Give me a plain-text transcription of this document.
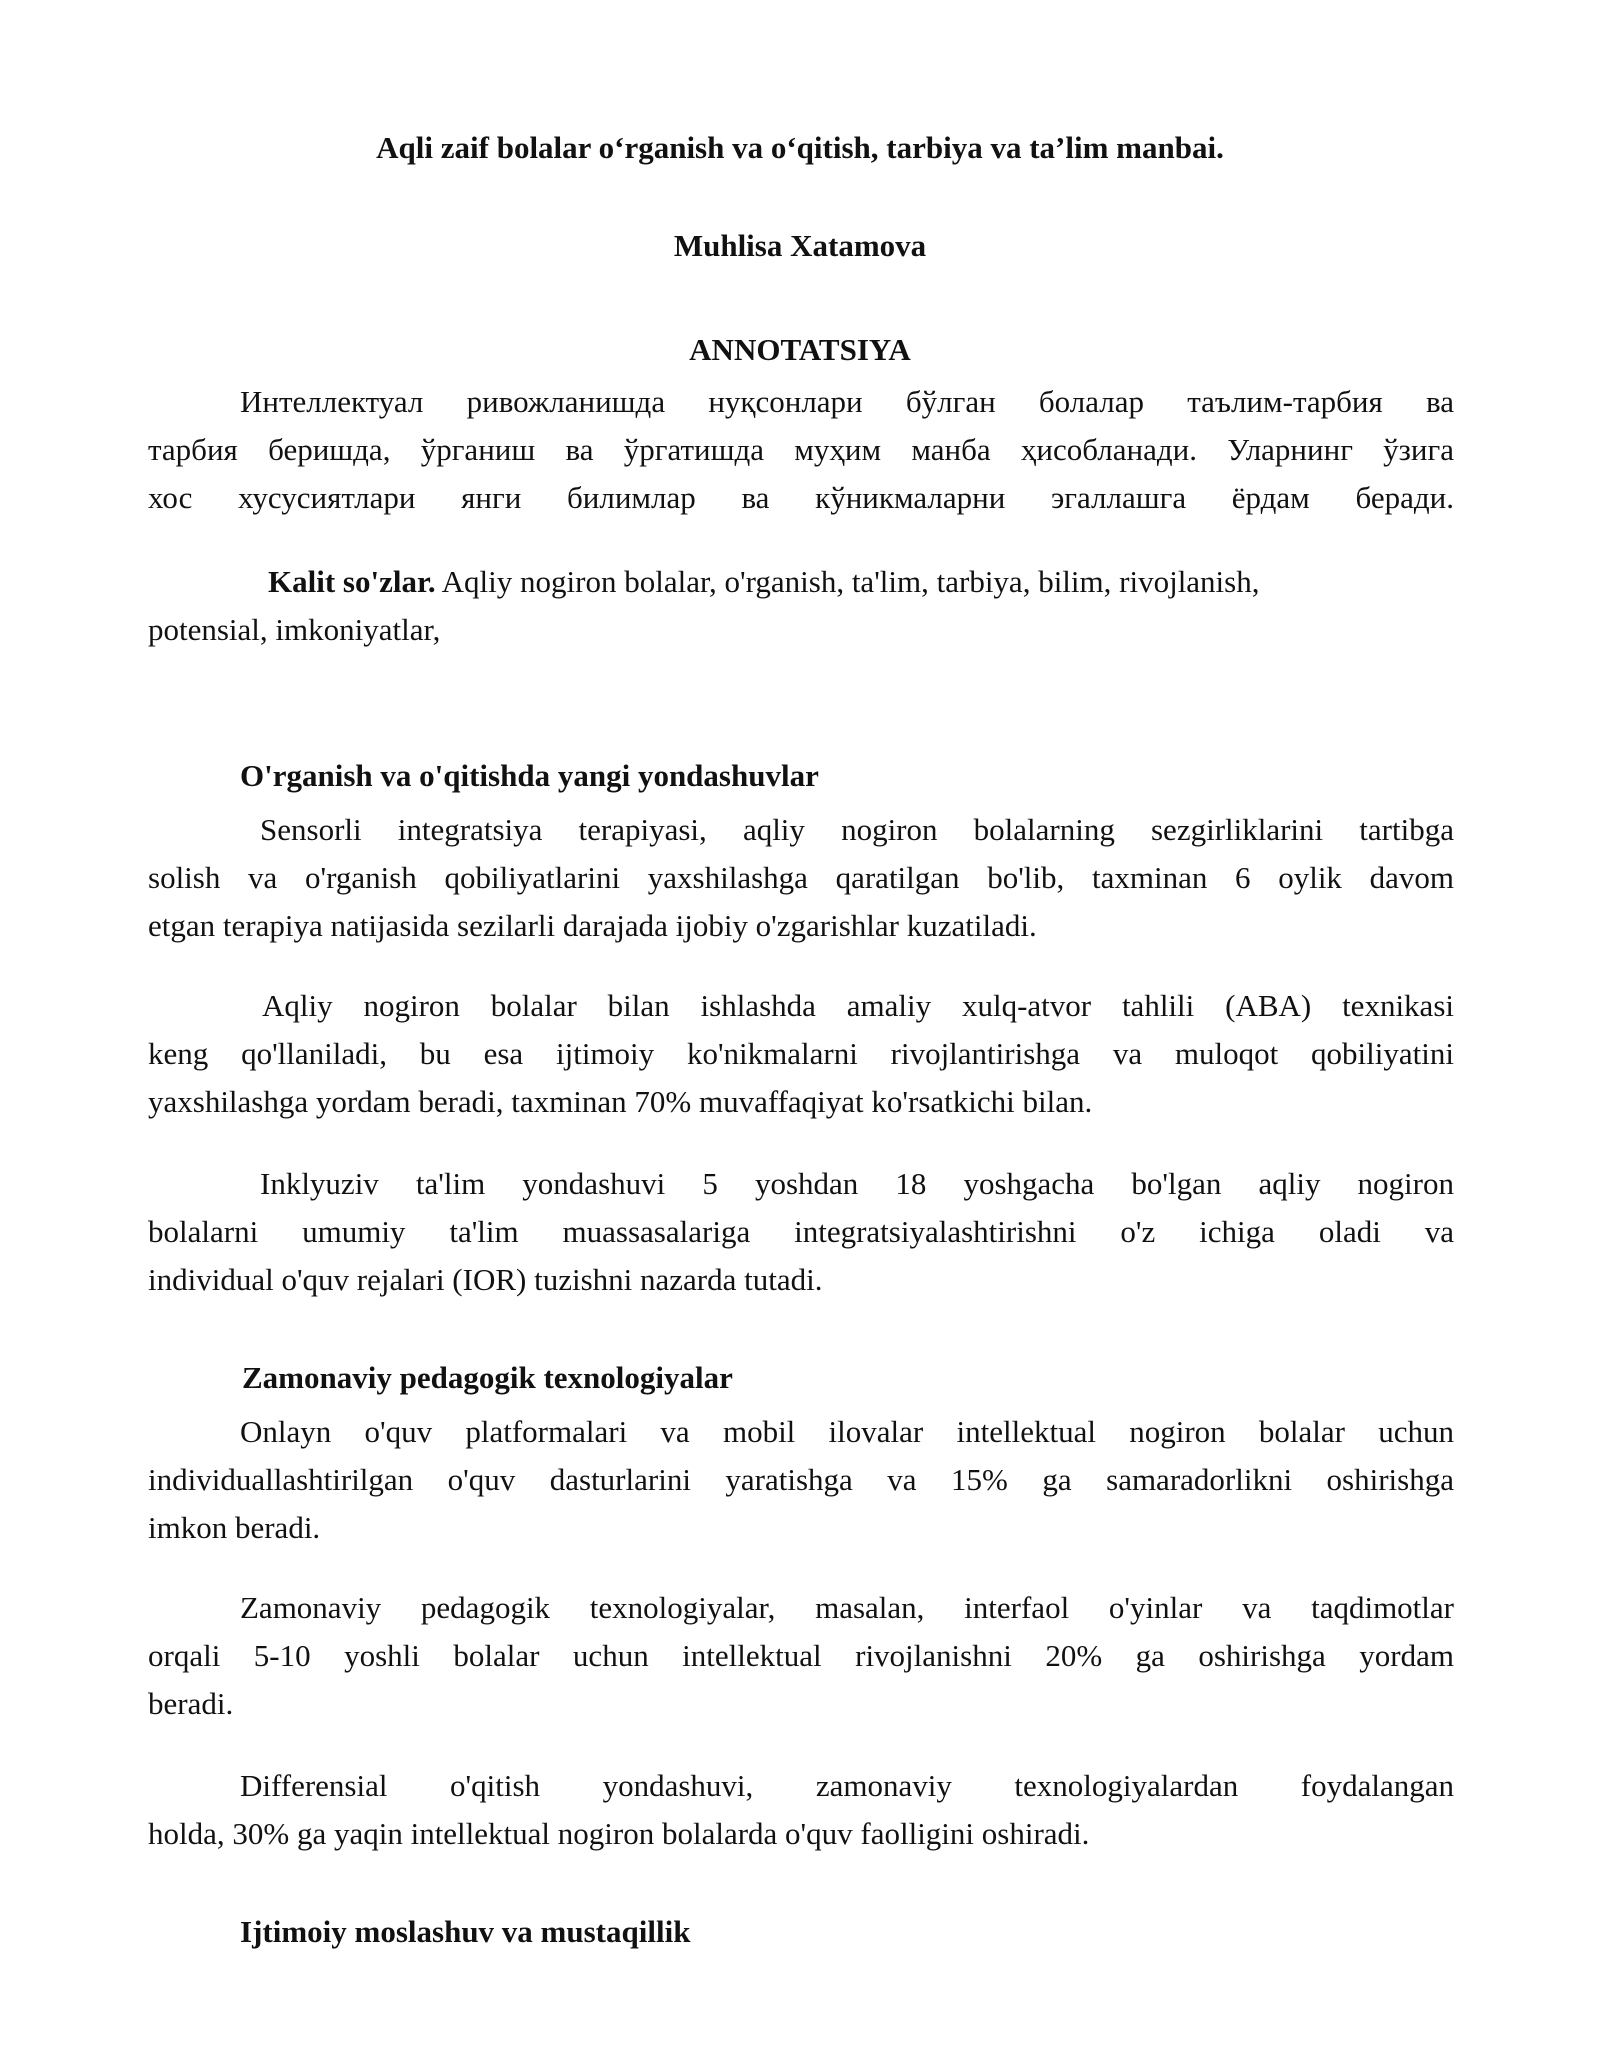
Aqli zaif bolalar o‘rganish va o‘qitish, tarbiya va ta’lim manbai.

Muhlisa Xatamova

ANNOTATSIYA

Интеллектуал ривожланишда нуқсонлари бўлган болалар таълим-тарбия ва

тарбия беришда, ўрганиш ва ўргатишда муҳим манба ҳисобланади. Уларнинг ўзига

хос хусусиятлари янги билимлар ва кўникмаларни эгаллашга ёрдам беради.

Kalit so'zlar. Aqliy nogiron bolalar, o'rganish, ta'lim, tarbiya, bilim, rivojlanish,

potensial, imkoniyatlar,

O'rganish va o'qitishda yangi yondashuvlar

Sensorli integratsiya terapiyasi, aqliy nogiron bolalarning sezgirliklarini tartibga

solish va o'rganish qobiliyatlarini yaxshilashga qaratilgan bo'lib, taxminan 6 oylik davom

etgan terapiya natijasida sezilarli darajada ijobiy o'zgarishlar kuzatiladi.

Aqliy nogiron bolalar bilan ishlashda amaliy xulq-atvor tahlili (ABA) texnikasi

keng qo'llaniladi, bu esa ijtimoiy ko'nikmalarni rivojlantirishga va muloqot qobiliyatini

yaxshilashga yordam beradi, taxminan 70% muvaffaqiyat ko'rsatkichi bilan.

Inklyuziv ta'lim yondashuvi 5 yoshdan 18 yoshgacha bo'lgan aqliy nogiron

bolalarni umumiy ta'lim muassasalariga integratsiyalashtirishni o'z ichiga oladi va

individual o'quv rejalari (IOR) tuzishni nazarda tutadi.

Zamonaviy pedagogik texnologiyalar

Onlayn o'quv platformalari va mobil ilovalar intellektual nogiron bolalar uchun

individuallashtirilgan o'quv dasturlarini yaratishga va 15% ga samaradorlikni oshirishga

imkon beradi.

Zamonaviy pedagogik texnologiyalar, masalan, interfaol o'yinlar va taqdimotlar

orqali 5-10 yoshli bolalar uchun intellektual rivojlanishni 20% ga oshirishga yordam

beradi.

Differensial o'qitish yondashuvi, zamonaviy texnologiyalardan foydalangan

holda, 30% ga yaqin intellektual nogiron bolalarda o'quv faolligini oshiradi.

Ijtimoiy moslashuv va mustaqillik
